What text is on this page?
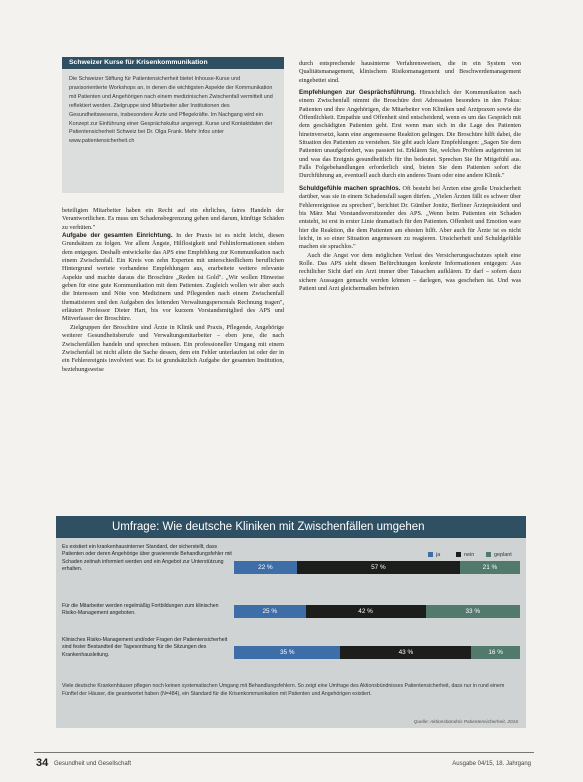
Schweizer Kurse für Krisenkommunikation
Die Schweizer Stiftung für Patientensicherheit bietet Inhouse-Kurse und praxisorientierte Workshops an, in denen die wichtigsten Aspekte der Kommunikation mit Patienten und Angehörigen nach einem medizinischen Zwischenfall vermittelt und reflektiert werden. Zielgruppe sind Mitarbeiter aller Institutionen des Gesundheitswesens, insbesondere Ärzte und Pflegekräfte. Im Nachgang wird ein Konzept zur Einführung einer Gesprächskultur angeregt. Kurse und Kontaktdaten der Patientensicherheit Schweiz bei Dr. Olga Frank. Mehr Infos unter www.patientensicherheit.ch

beteiligten Mitarbeiter haben ein Recht auf ein ehrliches, faires Handeln der Verantwortlichen. Es muss um Schadensbegrenzung gehen und darum, künftige Schäden zu verhüten."

Aufgabe der gesamten Einrichtung. In der Praxis ist es nicht leicht, diesen Grundsätzen zu folgen. Vor allem Ängste, Hilflosigkeit und Fehlinformationen stehen dem entgegen. Deshalb entwickelte das APS eine Empfehlung zur Kommunikation nach einem Zwischenfall. Ein Kreis von zehn Experten mit unterschiedlichem beruflichen Hintergrund wertete vorhandene Empfehlungen aus, erarbeitete weitere relevante Aspekte und machte daraus die Broschüre „Reden ist Gold". „Wir wollen Hinweise geben für eine gute Kommunikation mit dem Patienten. Zugleich wollen wir aber auch die Interessen und Nöte von Medizinern und Pflegenden nach einem Zwischenfall thematisieren und den Aufgaben des leitenden Verwaltungspersonals Rechnung tragen", erläutert Professor Dieter Hart, bis vor kurzem Vorstandsmitglied des APS und Mitverfasser der Broschüre.

Zielgruppen der Broschüre sind Ärzte in Klinik und Praxis, Pflegende, Angehörige weiterer Gesundheitsberufe und Verwaltungsmitarbeiter – eben jene, die nach Zwischenfällen handeln und sprechen müssen. Ein professioneller Umgang mit einem Zwischenfall ist nicht allein die Sache dessen, dem ein Fehler unterlaufen ist oder der in ein Fehlerereignis involviert war. Es ist grundsätzlich Aufgabe der gesamten Institution, beziehungsweise

durch entsprechende hausinterne Verfahrensweisen, die in ein System von Qualitätsmanagement, klinischem Risikomanagement und Beschwerdemanagement eingebettet sind.

Empfehlungen zur Gesprächsführung. Hinsichtlich der Kommunikation nach einem Zwischenfall nimmt die Broschüre drei Adressaten besonders in den Fokus: Patienten und ihre Angehörigen, die Mitarbeiter von Kliniken und Arztpraxen sowie die Öffentlichkeit. Empathie und Offenheit sind entscheidend, wenn es um das Gespräch mit dem geschädigten Patienten geht. Erst wenn man sich in die Lage des Patienten hineinversetzt, kann eine angemessene Reaktion gelingen. Die Broschüre hilft dabei, die Situation des Patienten zu verstehen. Sie gibt auch klare Empfehlungen: „Sagen Sie dem Patienten unaufgefordert, was passiert ist. Erklären Sie, welches Problem aufgetreten ist und was das Ereignis gesundheitlich für ihn bedeutet. Sprechen Sie Ihr Mitgefühl aus. Falls Folgebehandlungen erforderlich sind, bieten Sie dem Patienten sofort die Durchführung an, eventuell auch durch ein anderes Team oder eine andere Klinik."

Schuldgefühle machen sprachlos. Oft besteht bei Ärzten eine große Unsicherheit darüber, was sie in einem Schadensfall sagen dürfen. „Vielen Ärzten fällt es schwer über Fehlerereignisse zu sprechen", berichtet Dr. Günther Jonitz, Berliner Ärztepräsident und bis März Mai Vorstandsvorsitzender des APS. „Wenn beim Patienten ein Schaden entsteht, ist erst in erster Linie dramatisch für den Patienten. Offenheit und Emotion ware hier die Reaktion, die dem Patienten am ehesten hilft. Aber auch für Ärzte ist es nicht leicht, in so einer Situation angemessen zu reagieren. Unsicherheit und Schuldgefühle machen sie sprachlos."

Auch die Angst vor dem möglichen Verlust des Versicherungsschutzes spielt eine Rolle. Das APS sieht diesen Befürchtungen konkrete Informationen entgegen: Aus rechtlicher Sicht darf ein Arzt immer über Tatsachen aufklären. Er darf – sofern dazu sichere Aussagen gemacht werden können – darlegen, was geschehen ist. Und was Patient und Arzt gleichermaßen befreien

Umfrage: Wie deutsche Kliniken mit Zwischenfällen umgehen
ja	nein	geplant
Es existiert ein krankenhausinterner Standard, der sicherstellt, dass Patienten oder deren Angehörige über gravierende Behandlungsfehler mit Schaden zeitnah informiert werden und ein Angebot zur Unterstützung erhalten.	22 %	57 %	21 %
Für die Mitarbeiter werden regelmäßig Fortbildungen zum klinischen Risiko-Management angeboten.	25 %	42 %	33 %
Klinisches Risiko-Management und/oder Fragen der Patientensicherheit sind fester Bestandteil der Tagesordnung für die Sitzungen des Krankenhausleitung.	35 %	43 %	16 %
Viele deutsche Krankenhäuser pflegen noch keinen systematischen Umgang mit Behandlungsfehlern. So zeigt eine Umfrage des Aktionsbündnisses Patientensicherheit, dass nur in rund einem Fünftel der Häuser, die geantwortet haben (N=484), ein Standard für die Krisenkommunikation mit Patienten und Angehörigen existiert.
Quelle: Aktionsbündnis Patientensicherheit, 2016
34 Gesundheit und Gesellschaft	Ausgabe 04/15, 18. Jahrgang
